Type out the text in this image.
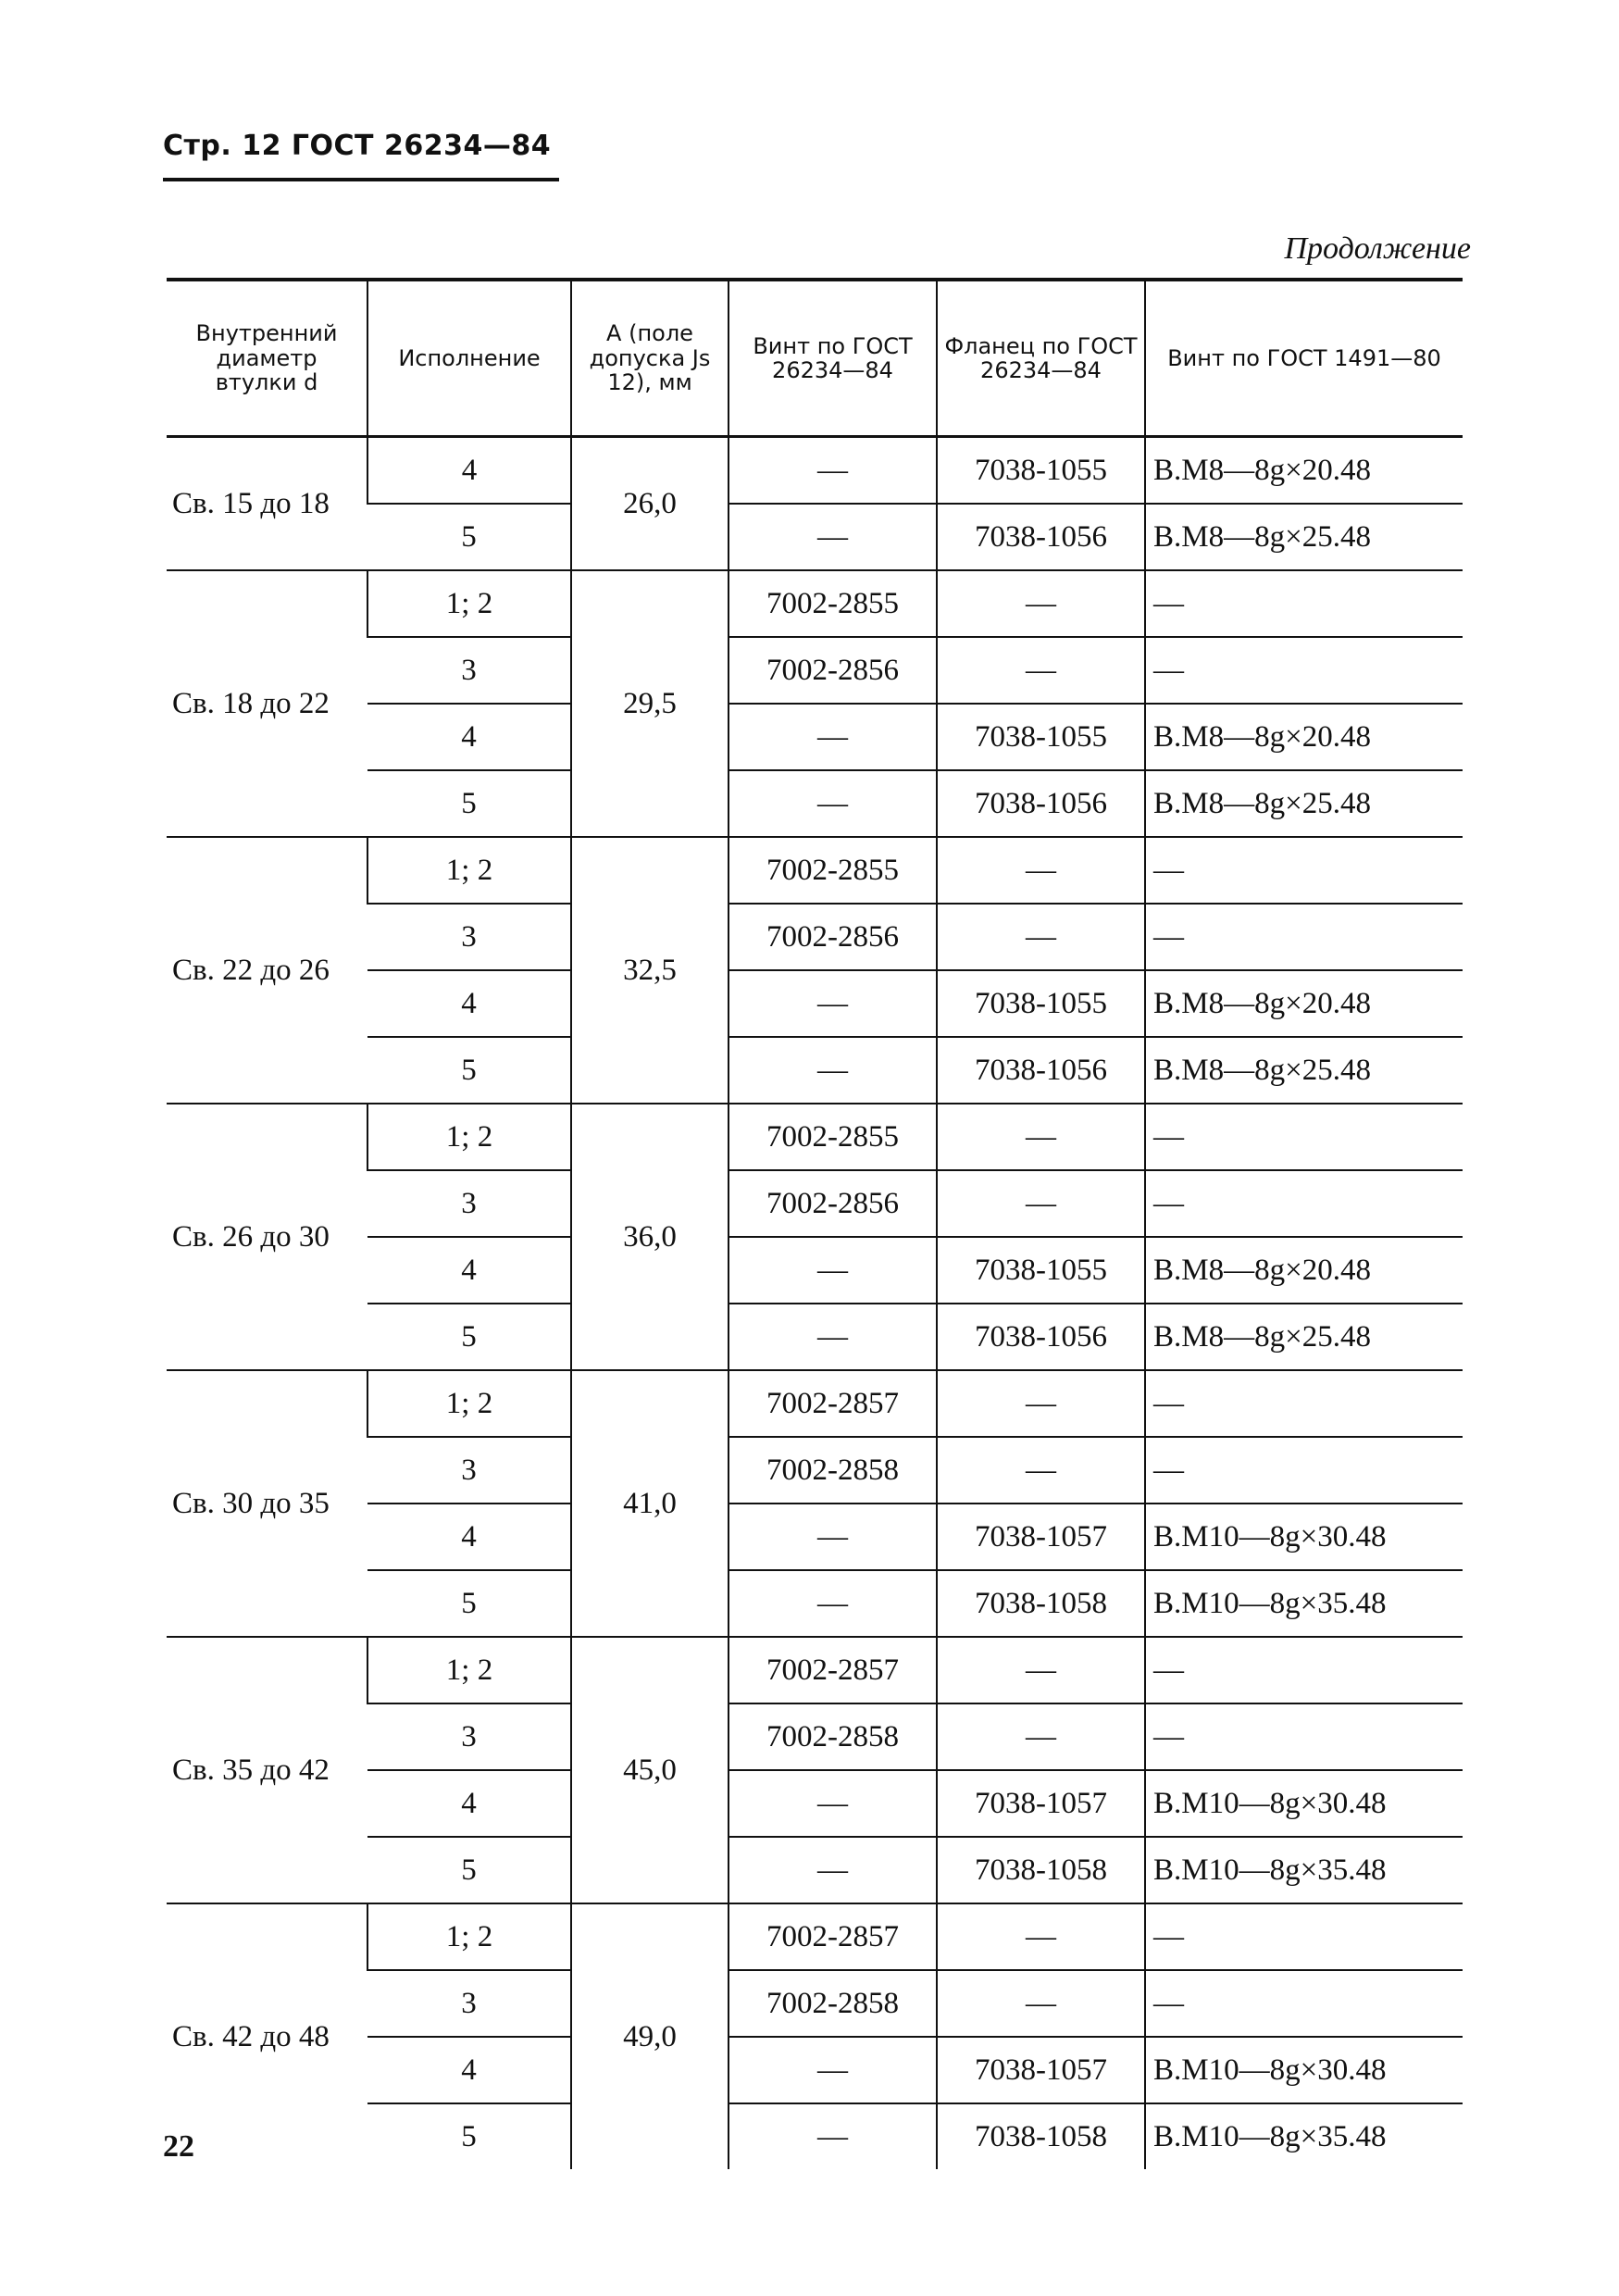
Стр. 12 ГОСТ 26234—84
Продолжение
Внутренний диаметр втулки d	Исполнение	A (поле допуска Js 12), мм	Винт по ГОСТ 26234—84	Фланец по ГОСТ 26234—84	Винт по ГОСТ 1491—80
Св. 15 до 18	4	26,0	—	7038-1055	В.М8—8g×20.48
	5		—	7038-1056	В.М8—8g×25.48
Св. 18 до 22	1; 2	29,5	7002-2855	—	—
	3		7002-2856	—	—
	4		—	7038-1055	В.М8—8g×20.48
	5		—	7038-1056	В.М8—8g×25.48
Св. 22 до 26	1; 2	32,5	7002-2855	—	—
	3		7002-2856	—	—
	4		—	7038-1055	В.М8—8g×20.48
	5		—	7038-1056	В.М8—8g×25.48
Св. 26 до 30	1; 2	36,0	7002-2855	—	—
	3		7002-2856	—	—
	4		—	7038-1055	В.М8—8g×20.48
	5		—	7038-1056	В.М8—8g×25.48
Св. 30 до 35	1; 2	41,0	7002-2857	—	—
	3		7002-2858	—	—
	4		—	7038-1057	В.М10—8g×30.48
	5		—	7038-1058	В.М10—8g×35.48
Св. 35 до 42	1; 2	45,0	7002-2857	—	—
	3		7002-2858	—	—
	4		—	7038-1057	В.М10—8g×30.48
	5		—	7038-1058	В.М10—8g×35.48
Св. 42 до 48	1; 2	49,0	7002-2857	—	—
	3		7002-2858	—	—
	4		—	7038-1057	В.М10—8g×30.48
	5		—	7038-1058	В.М10—8g×35.48
22
